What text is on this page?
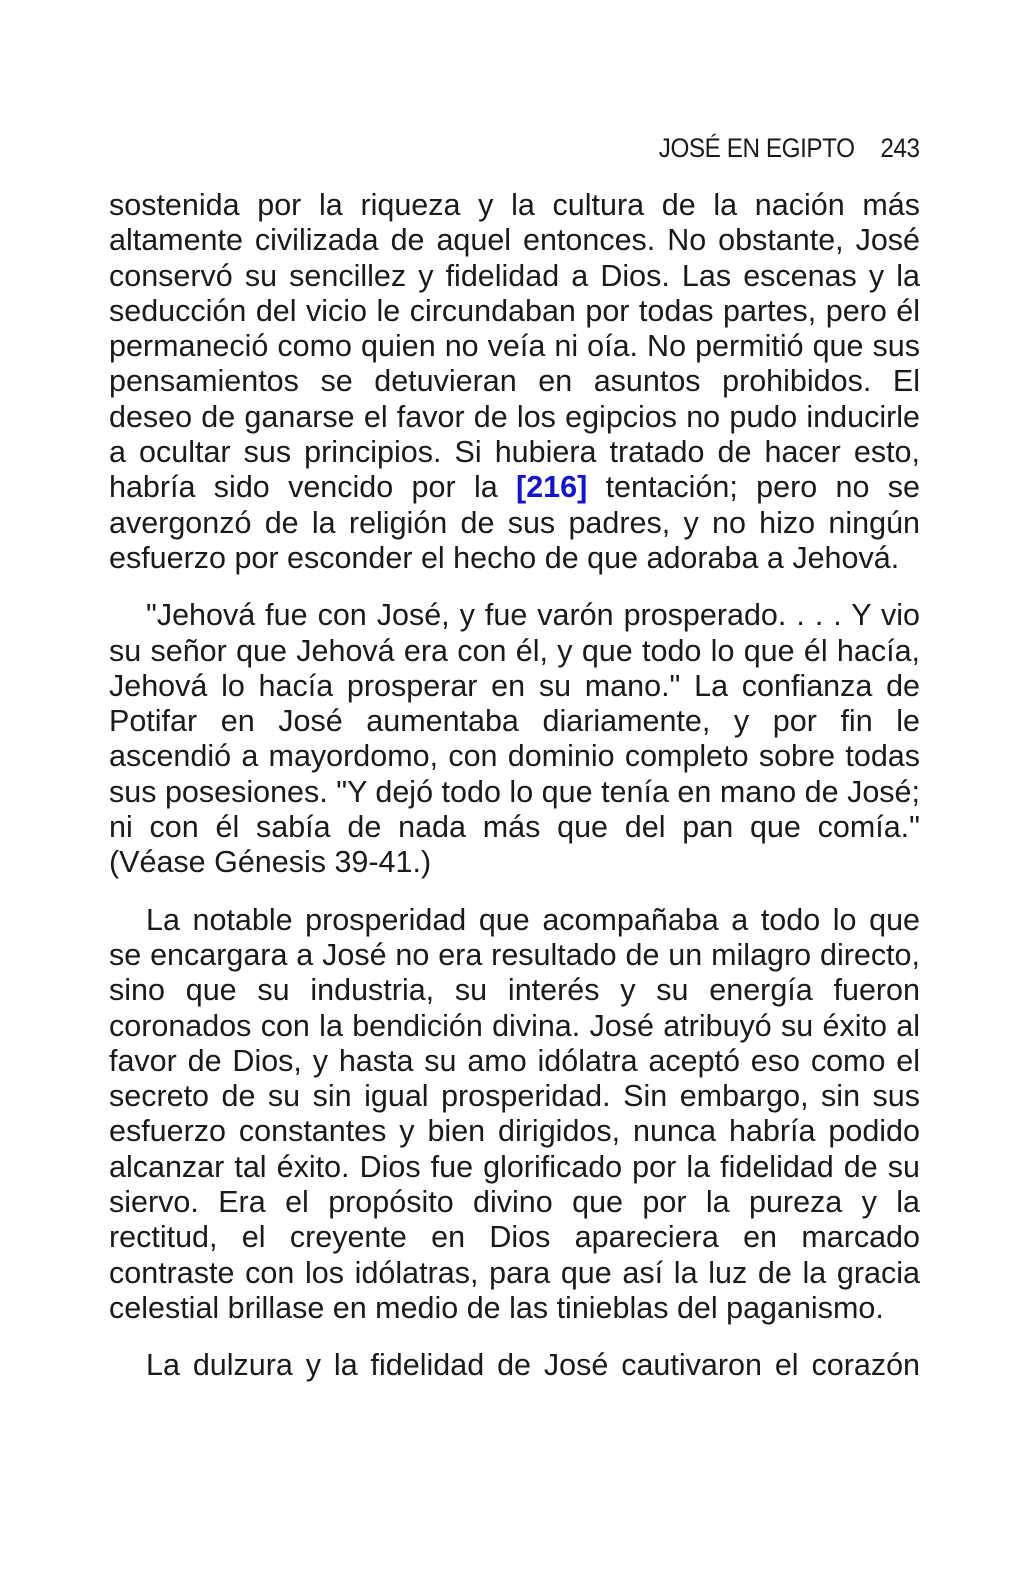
JOSÉ EN EGIPTO 243

sostenida por la riqueza y la cultura de la nación más altamente civilizada de aquel entonces. No obstante, José conservó su sencillez y fidelidad a Dios. Las escenas y la seducción del vicio le circundaban por todas partes, pero él permaneció como quien no veía ni oía. No permitió que sus pensamientos se detuvieran en asuntos prohibidos. El deseo de ganarse el favor de los egipcios no pudo inducirle a ocultar sus principios. Si hubiera tratado de hacer esto, habría sido vencido por la [216] tentación; pero no se avergonzó de la religión de sus padres, y no hizo ningún esfuerzo por esconder el hecho de que adoraba a Jehová.

"Jehová fue con José, y fue varón prosperado. . . . Y vio su señor que Jehová era con él, y que todo lo que él hacía, Jehová lo hacía prosperar en su mano." La confianza de Potifar en José aumentaba diariamente, y por fin le ascendió a mayordomo, con dominio completo sobre todas sus posesiones. "Y dejó todo lo que tenía en mano de José; ni con él sabía de nada más que del pan que comía." (Véase Génesis 39-41.)

La notable prosperidad que acompañaba a todo lo que se encargara a José no era resultado de un milagro directo, sino que su industria, su interés y su energía fueron coronados con la bendición divina. José atribuyó su éxito al favor de Dios, y hasta su amo idólatra aceptó eso como el secreto de su sin igual prosperidad. Sin embargo, sin sus esfuerzo constantes y bien dirigidos, nunca habría podido alcanzar tal éxito. Dios fue glorificado por la fidelidad de su siervo. Era el propósito divino que por la pureza y la rectitud, el creyente en Dios apareciera en marcado contraste con los idólatras, para que así la luz de la gracia celestial brillase en medio de las tinieblas del paganismo.

La dulzura y la fidelidad de José cautivaron el corazón
